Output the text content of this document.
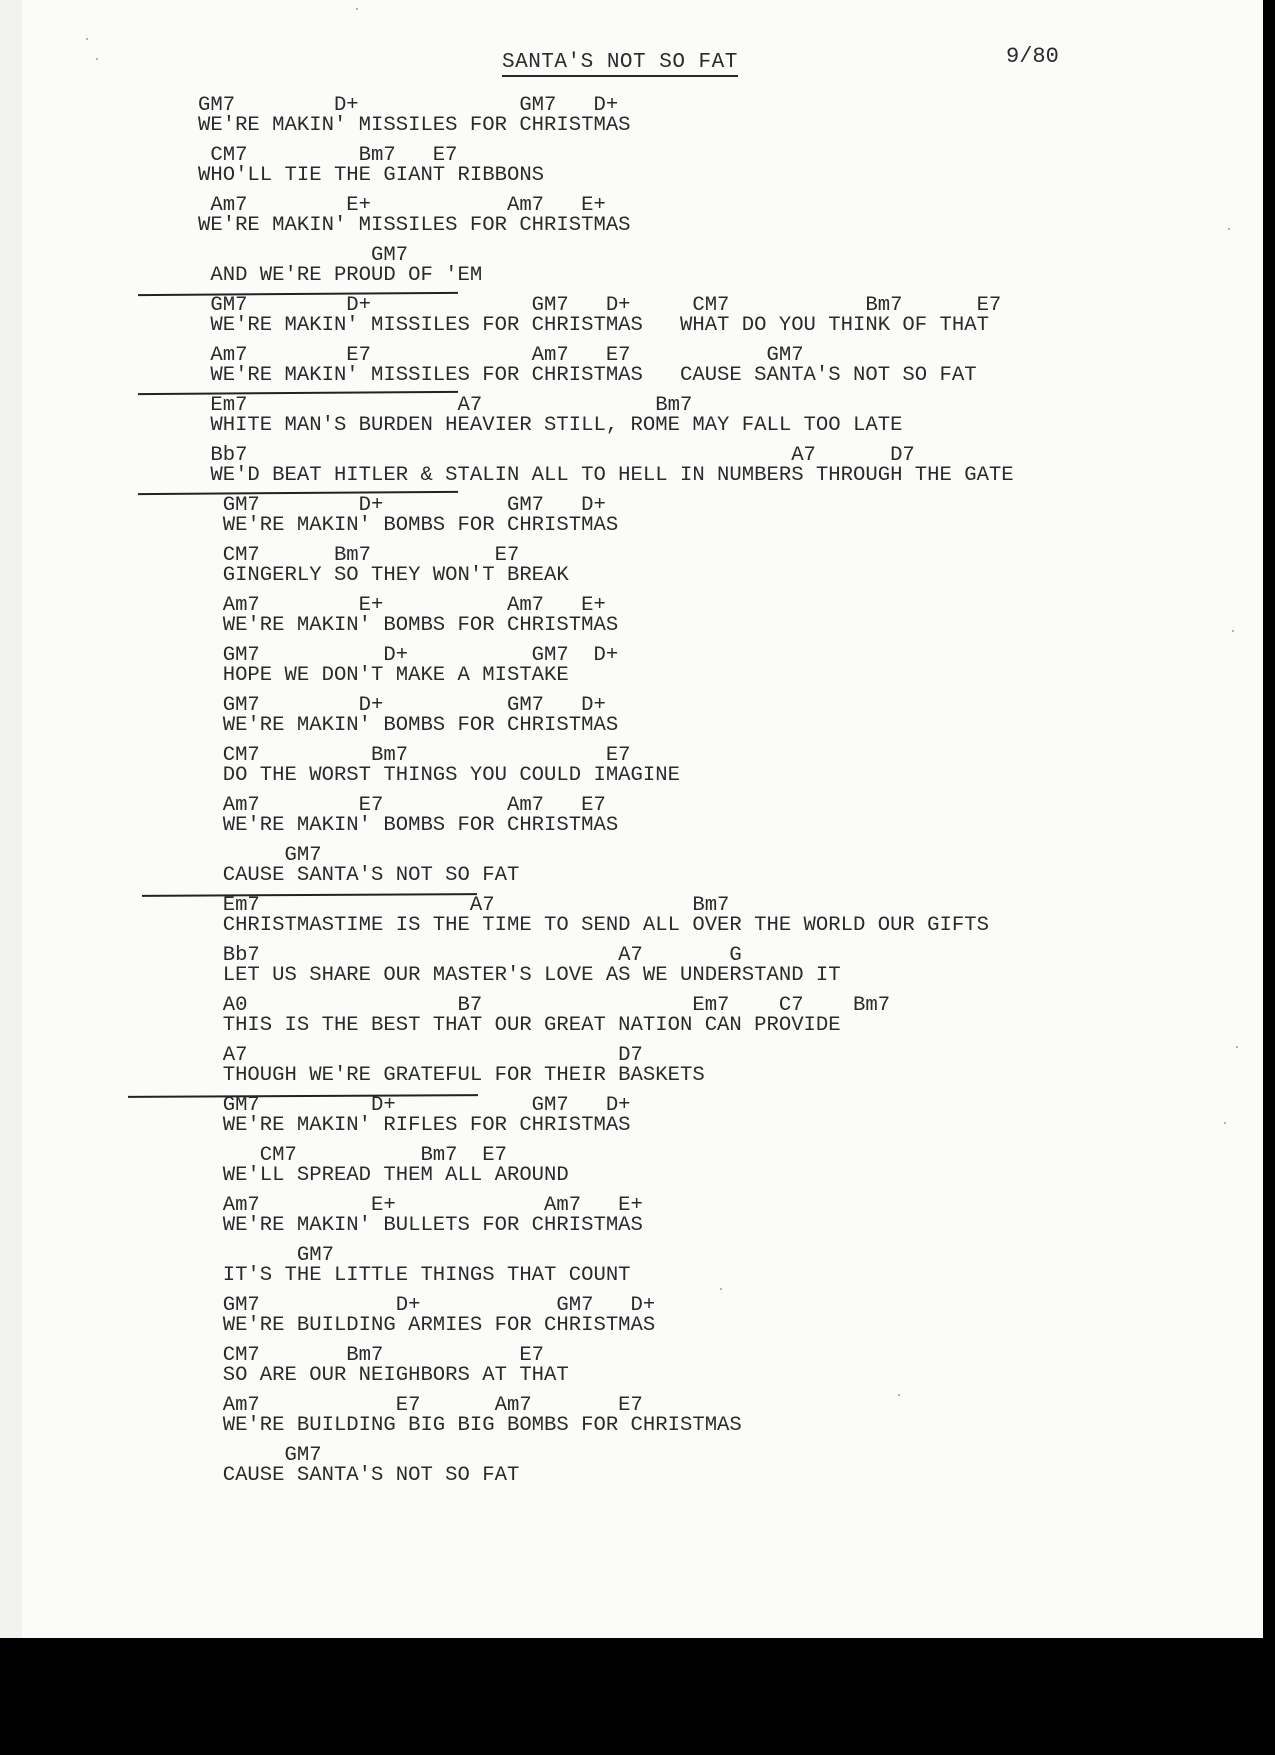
SANTA'S NOT SO FAT	9/80
GM7        D+             GM7   D+
WE'RE MAKIN' MISSILES FOR CHRISTMAS
CM7         Bm7   E7
WHO'LL TIE THE GIANT RIBBONS
Am7        E+           Am7   E+
WE'RE MAKIN' MISSILES FOR CHRISTMAS
GM7
AND WE'RE PROUD OF 'EM
GM7        D+             GM7   D+     CM7           Bm7      E7
WE'RE MAKIN' MISSILES FOR CHRISTMAS   WHAT DO YOU THINK OF THAT
Am7        E7             Am7   E7           GM7
WE'RE MAKIN' MISSILES FOR CHRISTMAS   CAUSE SANTA'S NOT SO FAT
Em7                 A7              Bm7
WHITE MAN'S BURDEN HEAVIER STILL, ROME MAY FALL TOO LATE
Bb7                                            A7      D7
WE'D BEAT HITLER & STALIN ALL TO HELL IN NUMBERS THROUGH THE GATE
GM7        D+          GM7   D+
WE'RE MAKIN' BOMBS FOR CHRISTMAS
CM7      Bm7          E7
GINGERLY SO THEY WON'T BREAK
Am7        E+          Am7   E+
WE'RE MAKIN' BOMBS FOR CHRISTMAS
GM7          D+          GM7  D+
HOPE WE DON'T MAKE A MISTAKE
GM7        D+          GM7   D+
WE'RE MAKIN' BOMBS FOR CHRISTMAS
CM7         Bm7                E7
DO THE WORST THINGS YOU COULD IMAGINE
Am7        E7          Am7   E7
WE'RE MAKIN' BOMBS FOR CHRISTMAS
GM7
CAUSE SANTA'S NOT SO FAT
Em7                 A7                Bm7
CHRISTMASTIME IS THE TIME TO SEND ALL OVER THE WORLD OUR GIFTS
Bb7                             A7       G
LET US SHARE OUR MASTER'S LOVE AS WE UNDERSTAND IT
A0                 B7                 Em7    C7    Bm7
THIS IS THE BEST THAT OUR GREAT NATION CAN PROVIDE
A7                              D7
THOUGH WE'RE GRATEFUL FOR THEIR BASKETS
GM7         D+           GM7   D+
WE'RE MAKIN' RIFLES FOR CHRISTMAS
CM7          Bm7  E7
WE'LL SPREAD THEM ALL AROUND
Am7         E+            Am7   E+
WE'RE MAKIN' BULLETS FOR CHRISTMAS
GM7
IT'S THE LITTLE THINGS THAT COUNT
GM7           D+           GM7   D+
WE'RE BUILDING ARMIES FOR CHRISTMAS
CM7       Bm7           E7
SO ARE OUR NEIGHBORS AT THAT
Am7           E7      Am7       E7
WE'RE BUILDING BIG BIG BOMBS FOR CHRISTMAS
GM7
CAUSE SANTA'S NOT SO FAT
